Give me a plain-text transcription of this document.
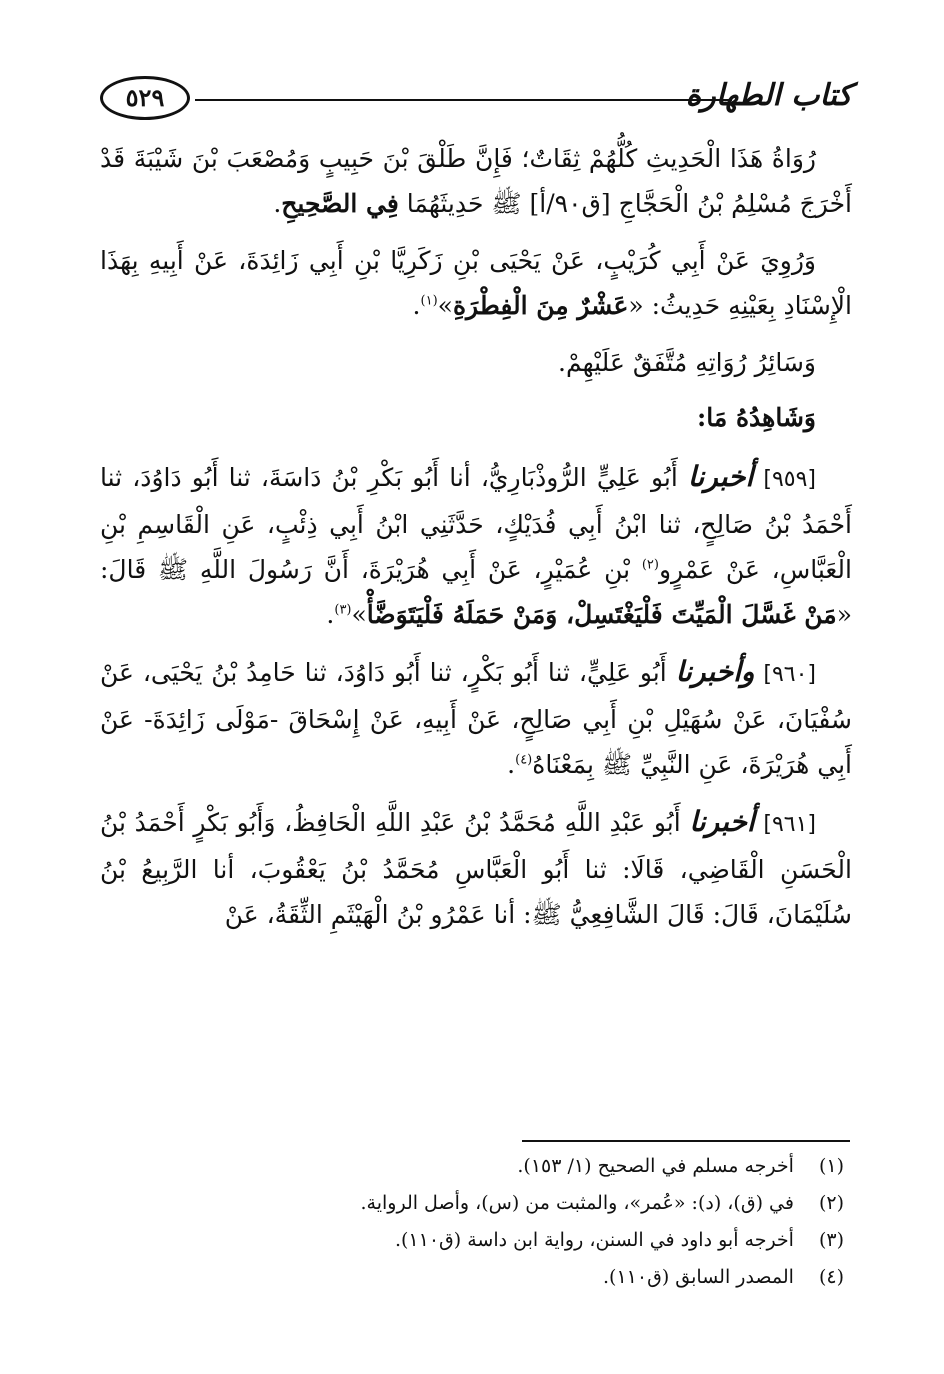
كتاب الطهارة
٥٢٩

رُوَاةُ هَذَا الْحَدِيثِ كُلُّهُمْ ثِقَاتٌ؛ فَإِنَّ طَلْقَ بْنَ حَبِيبٍ وَمُصْعَبَ بْنَ شَيْبَةَ قَدْ أَخْرَجَ مُسْلِمُ بْنُ الْحَجَّاجِ [ق٩٠/أ] ﷺ حَدِيثَهُمَا فِي الصَّحِيحِ.

وَرُوِيَ عَنْ أَبِي كُرَيْبٍ، عَنْ يَحْيَى بْنِ زَكَرِيَّا بْنِ أَبِي زَائِدَةَ، عَنْ أَبِيهِ بِهَذَا الْإِسْنَادِ بِعَيْنِهِ حَدِيثُ: «عَشْرٌ مِنَ الْفِطْرَةِ»$^{(١)}$.

وَسَائِرُ رُوَاتِهِ مُتَّفَقٌ عَلَيْهِمْ.

وَشَاهِدُهُ مَا:

[٩٥٩] أخبرنا أَبُو عَلِيٍّ الرُّوذْبَارِيُّ، أنا أَبُو بَكْرِ بْنُ دَاسَةَ، ثنا أَبُو دَاوُدَ، ثنا أَحْمَدُ بْنُ صَالِحٍ، ثنا ابْنُ أَبِي فُدَيْكٍ، حَدَّثَنِي ابْنُ أَبِي ذِئْبٍ، عَنِ الْقَاسِمِ بْنِ الْعَبَّاسِ، عَنْ عَمْرٍو$^{(٢)}$ بْنِ عُمَيْرٍ، عَنْ أَبِي هُرَيْرَةَ، أَنَّ رَسُولَ اللَّهِ ﷺ قَالَ: «مَنْ غَسَّلَ الْمَيِّتَ فَلْيَغْتَسِلْ، وَمَنْ حَمَلَهُ فَلْيَتَوَضَّأْ»$^{(٣)}$.

[٩٦٠] وأخبرنا أَبُو عَلِيٍّ، ثنا أَبُو بَكْرٍ، ثنا أَبُو دَاوُدَ، ثنا حَامِدُ بْنُ يَحْيَى، عَنْ سُفْيَانَ، عَنْ سُهَيْلِ بْنِ أَبِي صَالِحٍ، عَنْ أَبِيهِ، عَنْ إِسْحَاقَ -مَوْلَى زَائِدَةَ- عَنْ أَبِي هُرَيْرَةَ، عَنِ النَّبِيِّ ﷺ بِمَعْنَاهُ$^{(٤)}$.

[٩٦١] أخبرنا أَبُو عَبْدِ اللَّهِ مُحَمَّدُ بْنُ عَبْدِ اللَّهِ الْحَافِظُ، وَأَبُو بَكْرٍ أَحْمَدُ بْنُ الْحَسَنِ الْقَاضِي، قَالَا: ثنا أَبُو الْعَبَّاسِ مُحَمَّدُ بْنُ يَعْقُوبَ، أنا الرَّبِيعُ بْنُ سُلَيْمَانَ، قَالَ: قَالَ الشَّافِعِيُّ ﷺ: أنا عَمْرُو بْنُ الْهَيْثَمِ الثِّقَةُ، عَنْ

(١) أخرجه مسلم في الصحيح (١/ ١٥٣).
(٢) في (ق)، (د): «عُمر»، والمثبت من (س)، وأصل الرواية.
(٣) أخرجه أبو داود في السنن، رواية ابن داسة (ق١١٠).
(٤) المصدر السابق (ق١١٠).
